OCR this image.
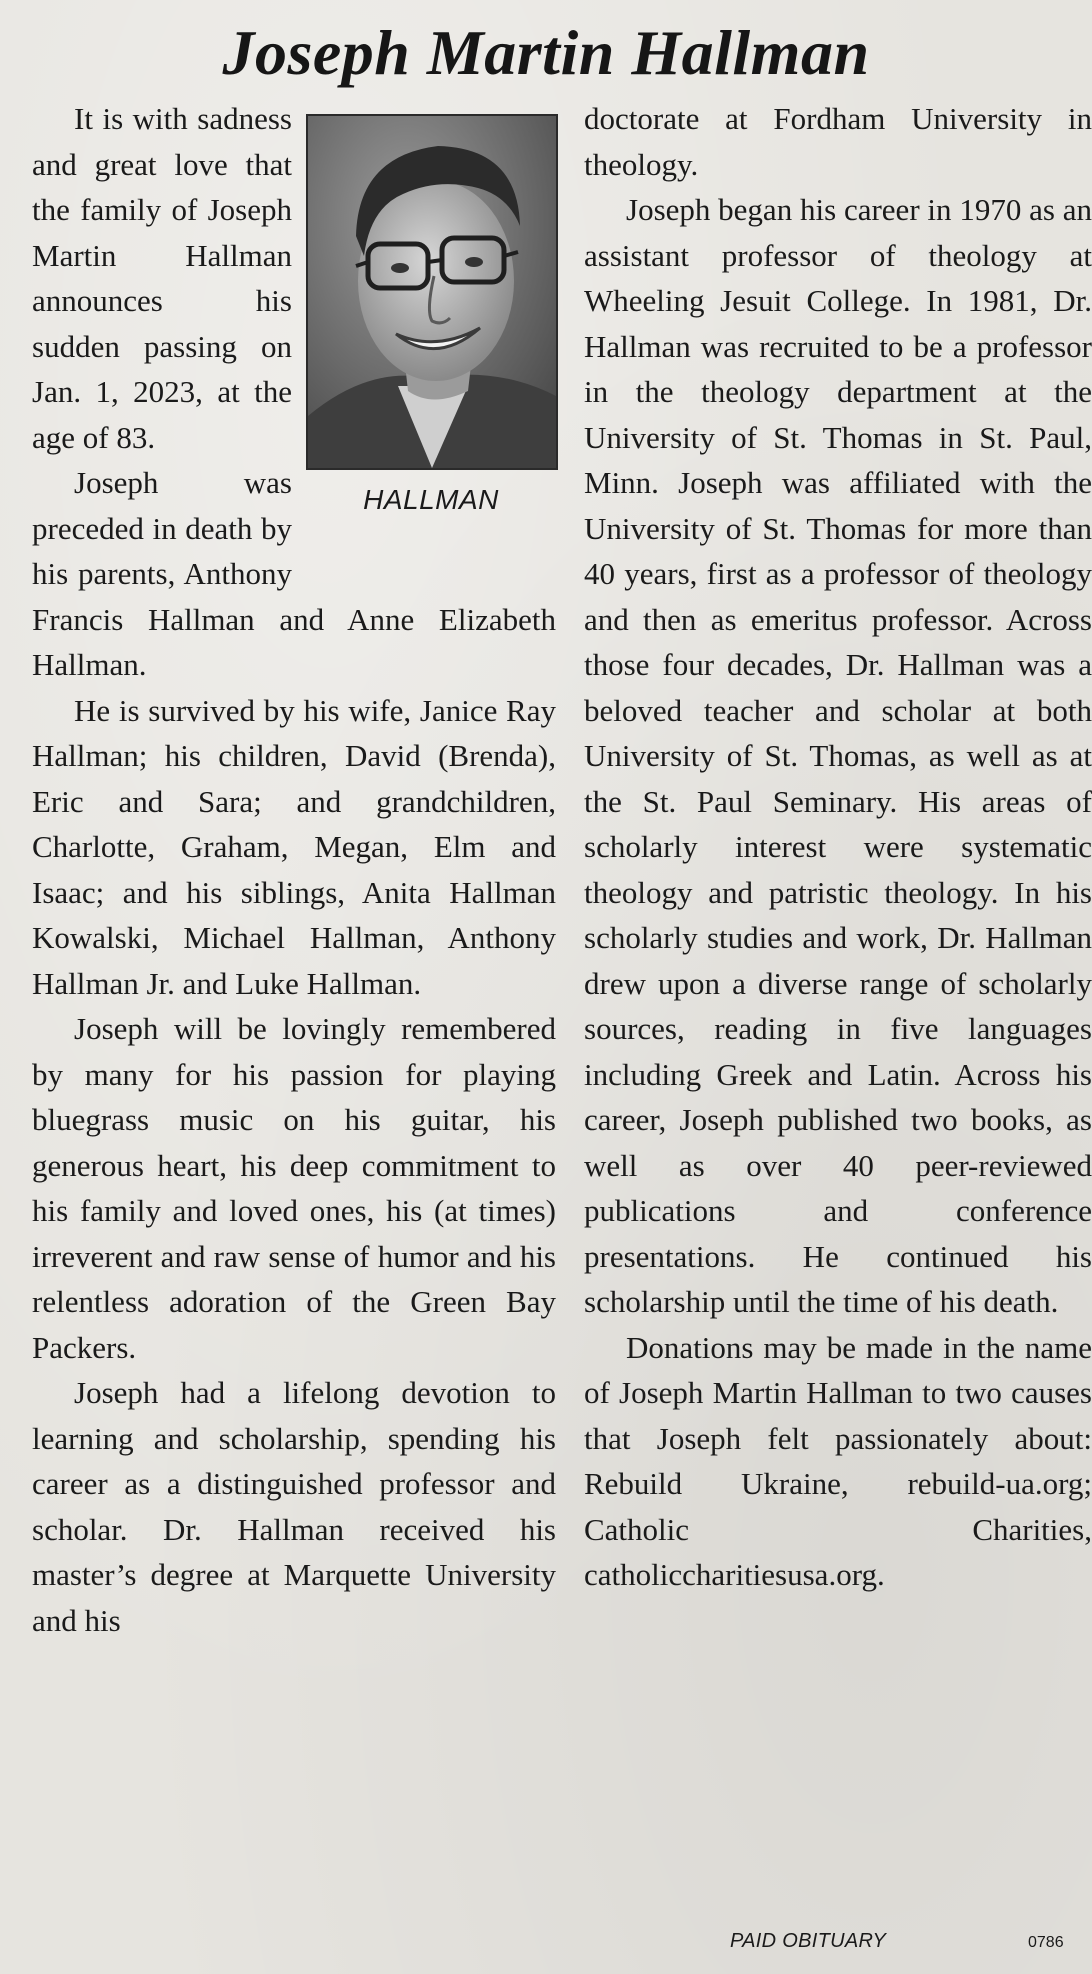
Joseph Martin Hallman
HALLMAN

It is with sadness and great love that the family of Joseph Martin Hallman announces his sudden passing on Jan. 1, 2023, at the age of 83.

Joseph was preceded in death by his parents, Anthony Francis Hallman and Anne Elizabeth Hallman.

He is survived by his wife, Janice Ray Hallman; his children, David (Brenda), Eric and Sara; and grandchildren, Charlotte, Graham, Megan, Elm and Isaac; and his siblings, Anita Hallman Kowalski, Michael Hallman, Anthony Hallman Jr. and Luke Hallman.

Joseph will be lovingly remembered by many for his passion for playing bluegrass music on his guitar, his generous heart, his deep commitment to his family and loved ones, his (at times) irreverent and raw sense of humor and his relentless adoration of the Green Bay Packers.

Joseph had a lifelong devotion to learning and scholarship, spending his career as a distinguished professor and scholar. Dr. Hallman received his master’s degree at Marquette University and his

doctorate at Fordham University in theology.

Joseph began his career in 1970 as an assistant professor of theology at Wheeling Jesuit College. In 1981, Dr. Hallman was recruited to be a professor in the theology department at the University of St. Thomas in St. Paul, Minn. Joseph was affiliated with the University of St. Thomas for more than 40 years, first as a professor of theology and then as emeritus professor. Across those four decades, Dr. Hallman was a beloved teacher and scholar at both University of St. Thomas, as well as at the St. Paul Seminary. His areas of scholarly interest were systematic theology and patristic theology. In his scholarly studies and work, Dr. Hallman drew upon a diverse range of scholarly sources, reading in five languages including Greek and Latin. Across his career, Joseph published two books, as well as over 40 peer-reviewed publications and conference presentations. He continued his scholarship until the time of his death.

Donations may be made in the name of Joseph Martin Hallman to two causes that Joseph felt passionately about: Rebuild Ukraine, rebuild-ua.org; Catholic Charities, catholiccharitiesusa.org.

PAID OBITUARY	0786
